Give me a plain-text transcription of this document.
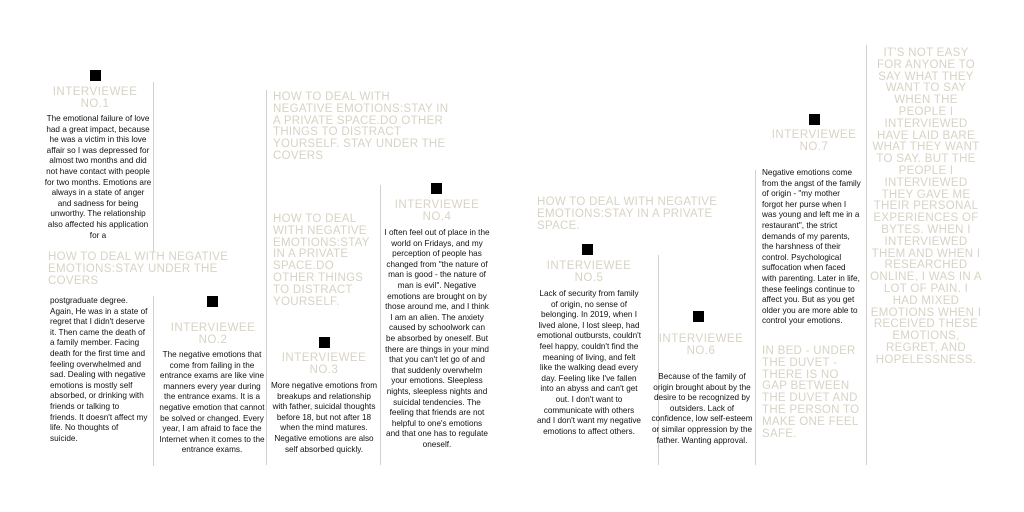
INTERVIEWEE
NO.1
The emotional failure of love had a great impact, because he was a victim in this love affair so I was depressed for almost two months and did not have contact with people for two months. Emotions are always in a state of anger and sadness for being unworthy. The relationship also affected his application for a
postgraduate degree. Again, He was in a state of regret that I didn't deserve it. Then came the death of a family member. Facing death for the first time and feeling overwhelmed and sad. Dealing with negative emotions is mostly self absorbed, or drinking with friends or talking to friends. It doesn't affect my life. No thoughts of suicide.
HOW TO DEAL WITH NEGATIVE EMOTIONS:STAY UNDER THE COVERS
INTERVIEWEE
NO.2
The negative emotions that come from failing in the entrance exams are like vine manners every year during the entrance exams. It is a negative emotion that cannot be solved or changed. Every year, I am afraid to face the Internet when it comes to the entrance exams.
HOW TO DEAL WITH NEGATIVE EMOTIONS:STAY IN A PRIVATE SPACE.DO OTHER THINGS TO DISTRACT YOURSELF. STAY UNDER THE COVERS
HOW TO DEAL WITH NEGATIVE EMOTIONS:STAY IN A PRIVATE SPACE.DO OTHER THINGS TO DISTRACT YOURSELF.
INTERVIEWEE
NO.3
More negative emotions from breakups and relationship with father, suicidal thoughts before 18, but not after 18 when the mind matures. Negative emotions are also self absorbed quickly.
INTERVIEWEE
NO.4
I often feel out of place in the world on Fridays, and my perception of people has changed from "the nature of man is good - the nature of man is evil". Negative emotions are brought on by those around me, and I think I am an alien. The anxiety caused by schoolwork can be absorbed by oneself. But there are things in your mind that you can't let go of and that suddenly overwhelm your emotions. Sleepless nights, sleepless nights and suicidal tendencies. The feeling that friends are not helpful to one's emotions and that one has to regulate oneself.
HOW TO DEAL WITH NEGATIVE EMOTIONS:STAY IN A PRIVATE SPACE.
INTERVIEWEE
NO.5
Lack of security from family of origin, no sense of belonging. In 2019, when I lived alone, I lost sleep, had emotional outbursts, couldn't feel happy, couldn't find the meaning of living, and felt like the walking dead every day. Feeling like I've fallen into an abyss and can't get out. I don't want to communicate with others and I don't want my negative emotions to affect others.
INTERVIEWEE
NO.6
Because of the family of origin brought about by the desire to be recognized by outsiders. Lack of confidence, low self-esteem or similar oppression by the father. Wanting approval.
INTERVIEWEE
NO.7
Negative emotions come from the angst of the family of origin - "my mother forgot her purse when I was young and left me in a restaurant", the strict demands of my parents, the harshness of their control. Psychological suffocation when faced with parenting. Later in life, these feelings continue to affect you. But as you get older you are more able to control your emotions.
IN BED - UNDER THE DUVET - THERE IS NO GAP BETWEEN THE DUVET AND THE PERSON TO MAKE ONE FEEL SAFE.
IT'S NOT EASY FOR ANYONE TO SAY WHAT THEY WANT TO SAY WHEN THE PEOPLE I INTERVIEWED HAVE LAID BARE WHAT THEY WANT TO SAY. BUT THE PEOPLE I INTERVIEWED THEY GAVE ME THEIR PERSONAL EXPERIENCES OF BYTES. WHEN I INTERVIEWED THEM AND WHEN I RESEARCHED ONLINE, I WAS IN A LOT OF PAIN. I HAD MIXED EMOTIONS WHEN I RECEIVED THESE EMOTIONS, REGRET, AND HOPELESSNESS.
